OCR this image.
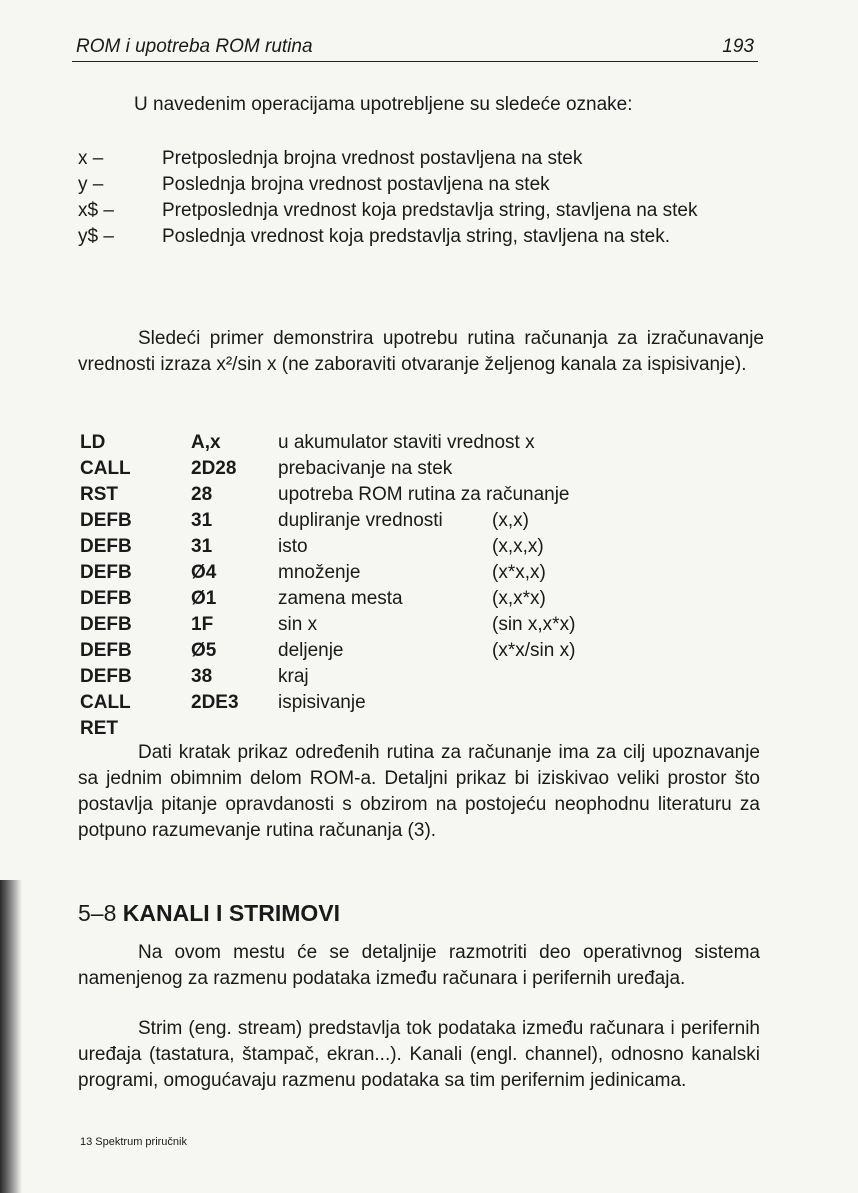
ROM i upotreba ROM rutina	193
U navedenim operacijama upotrebljene su sledeće oznake:
x –	Pretposlednja brojna vrednost postavljena na stek
y –	Poslednja brojna vrednost postavljena na stek
x$ –	Pretposlednja vrednost koja predstavlja string, stavljena na stek
y$ –	Poslednja vrednost koja predstavlja string, stavljena na stek.
Sledeći primer demonstrira upotrebu rutina računanja za izračunavanje vrednosti izraza x²/sin x (ne zaboraviti otvaranje željenog kanala za ispisivanje).
LD	A,x	u akumulator staviti vrednost x
CALL	2D28 prebacivanje na stek
RST	28	upotreba ROM rutina za računanje
DEFB	31	dupliranje vrednosti	(x,x)
DEFB	31	isto	(x,x,x)
DEFB	Ø4	množenje	(x*x,x)
DEFB	Ø1	zamena mesta	(x,x*x)
DEFB	1F	sin x	(sin x,x*x)
DEFB	Ø5	deljenje	(x*x/sin x)
DEFB	38	kraj
CALL	2DE3 ispisivanje
RET
Dati kratak prikaz određenih rutina za računanje ima za cilj upoznavanje sa jednim obimnim delom ROM-a. Detaljni prikaz bi iziskivao veliki prostor što postavlja pitanje opravdanosti s obzirom na postojeću neophodnu literaturu za potpuno razumevanje rutina računanja (3).
5–8 KANALI I STRIMOVI
Na ovom mestu će se detaljnije razmotriti deo operativnog sistema namenjenog za razmenu podataka između računara i perifernih uređaja.
Strim (eng. stream) predstavlja tok podataka između računara i perifernih uređaja (tastatura, štampač, ekran...). Kanali (engl. channel), odnosno kanalski programi, omogućavaju razmenu podataka sa tim perifernim jedinicama.
13 Spektrum priručnik
